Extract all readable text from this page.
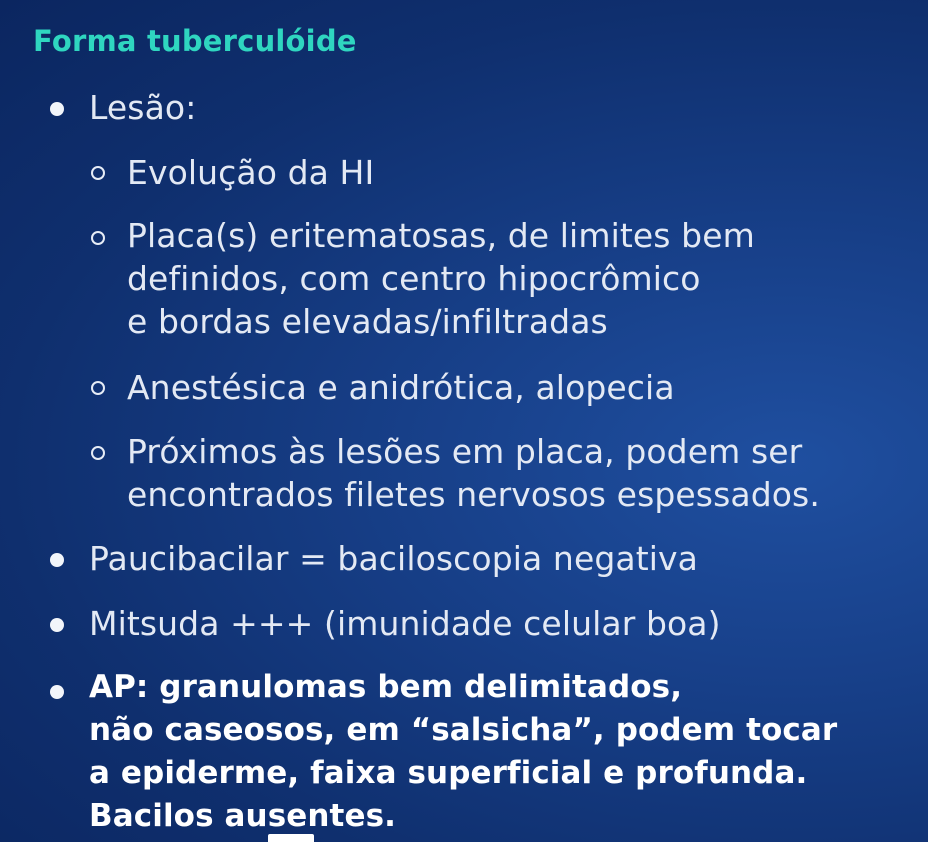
Forma tuberculóide
Lesão:
Evolução da HI
Placa(s) eritematosas, de limites bem
definidos, com centro hipocrômico
e bordas elevadas/infiltradas
Anestésica e anidrótica, alopecia
Próximos às lesões em placa, podem ser
encontrados filetes nervosos espessados.
Paucibacilar = baciloscopia negativa
Mitsuda +++ (imunidade celular boa)
AP: granulomas bem delimitados,
não caseosos, em “salsicha”, podem tocar
a epiderme, faixa superficial e profunda.
Bacilos ausentes.
